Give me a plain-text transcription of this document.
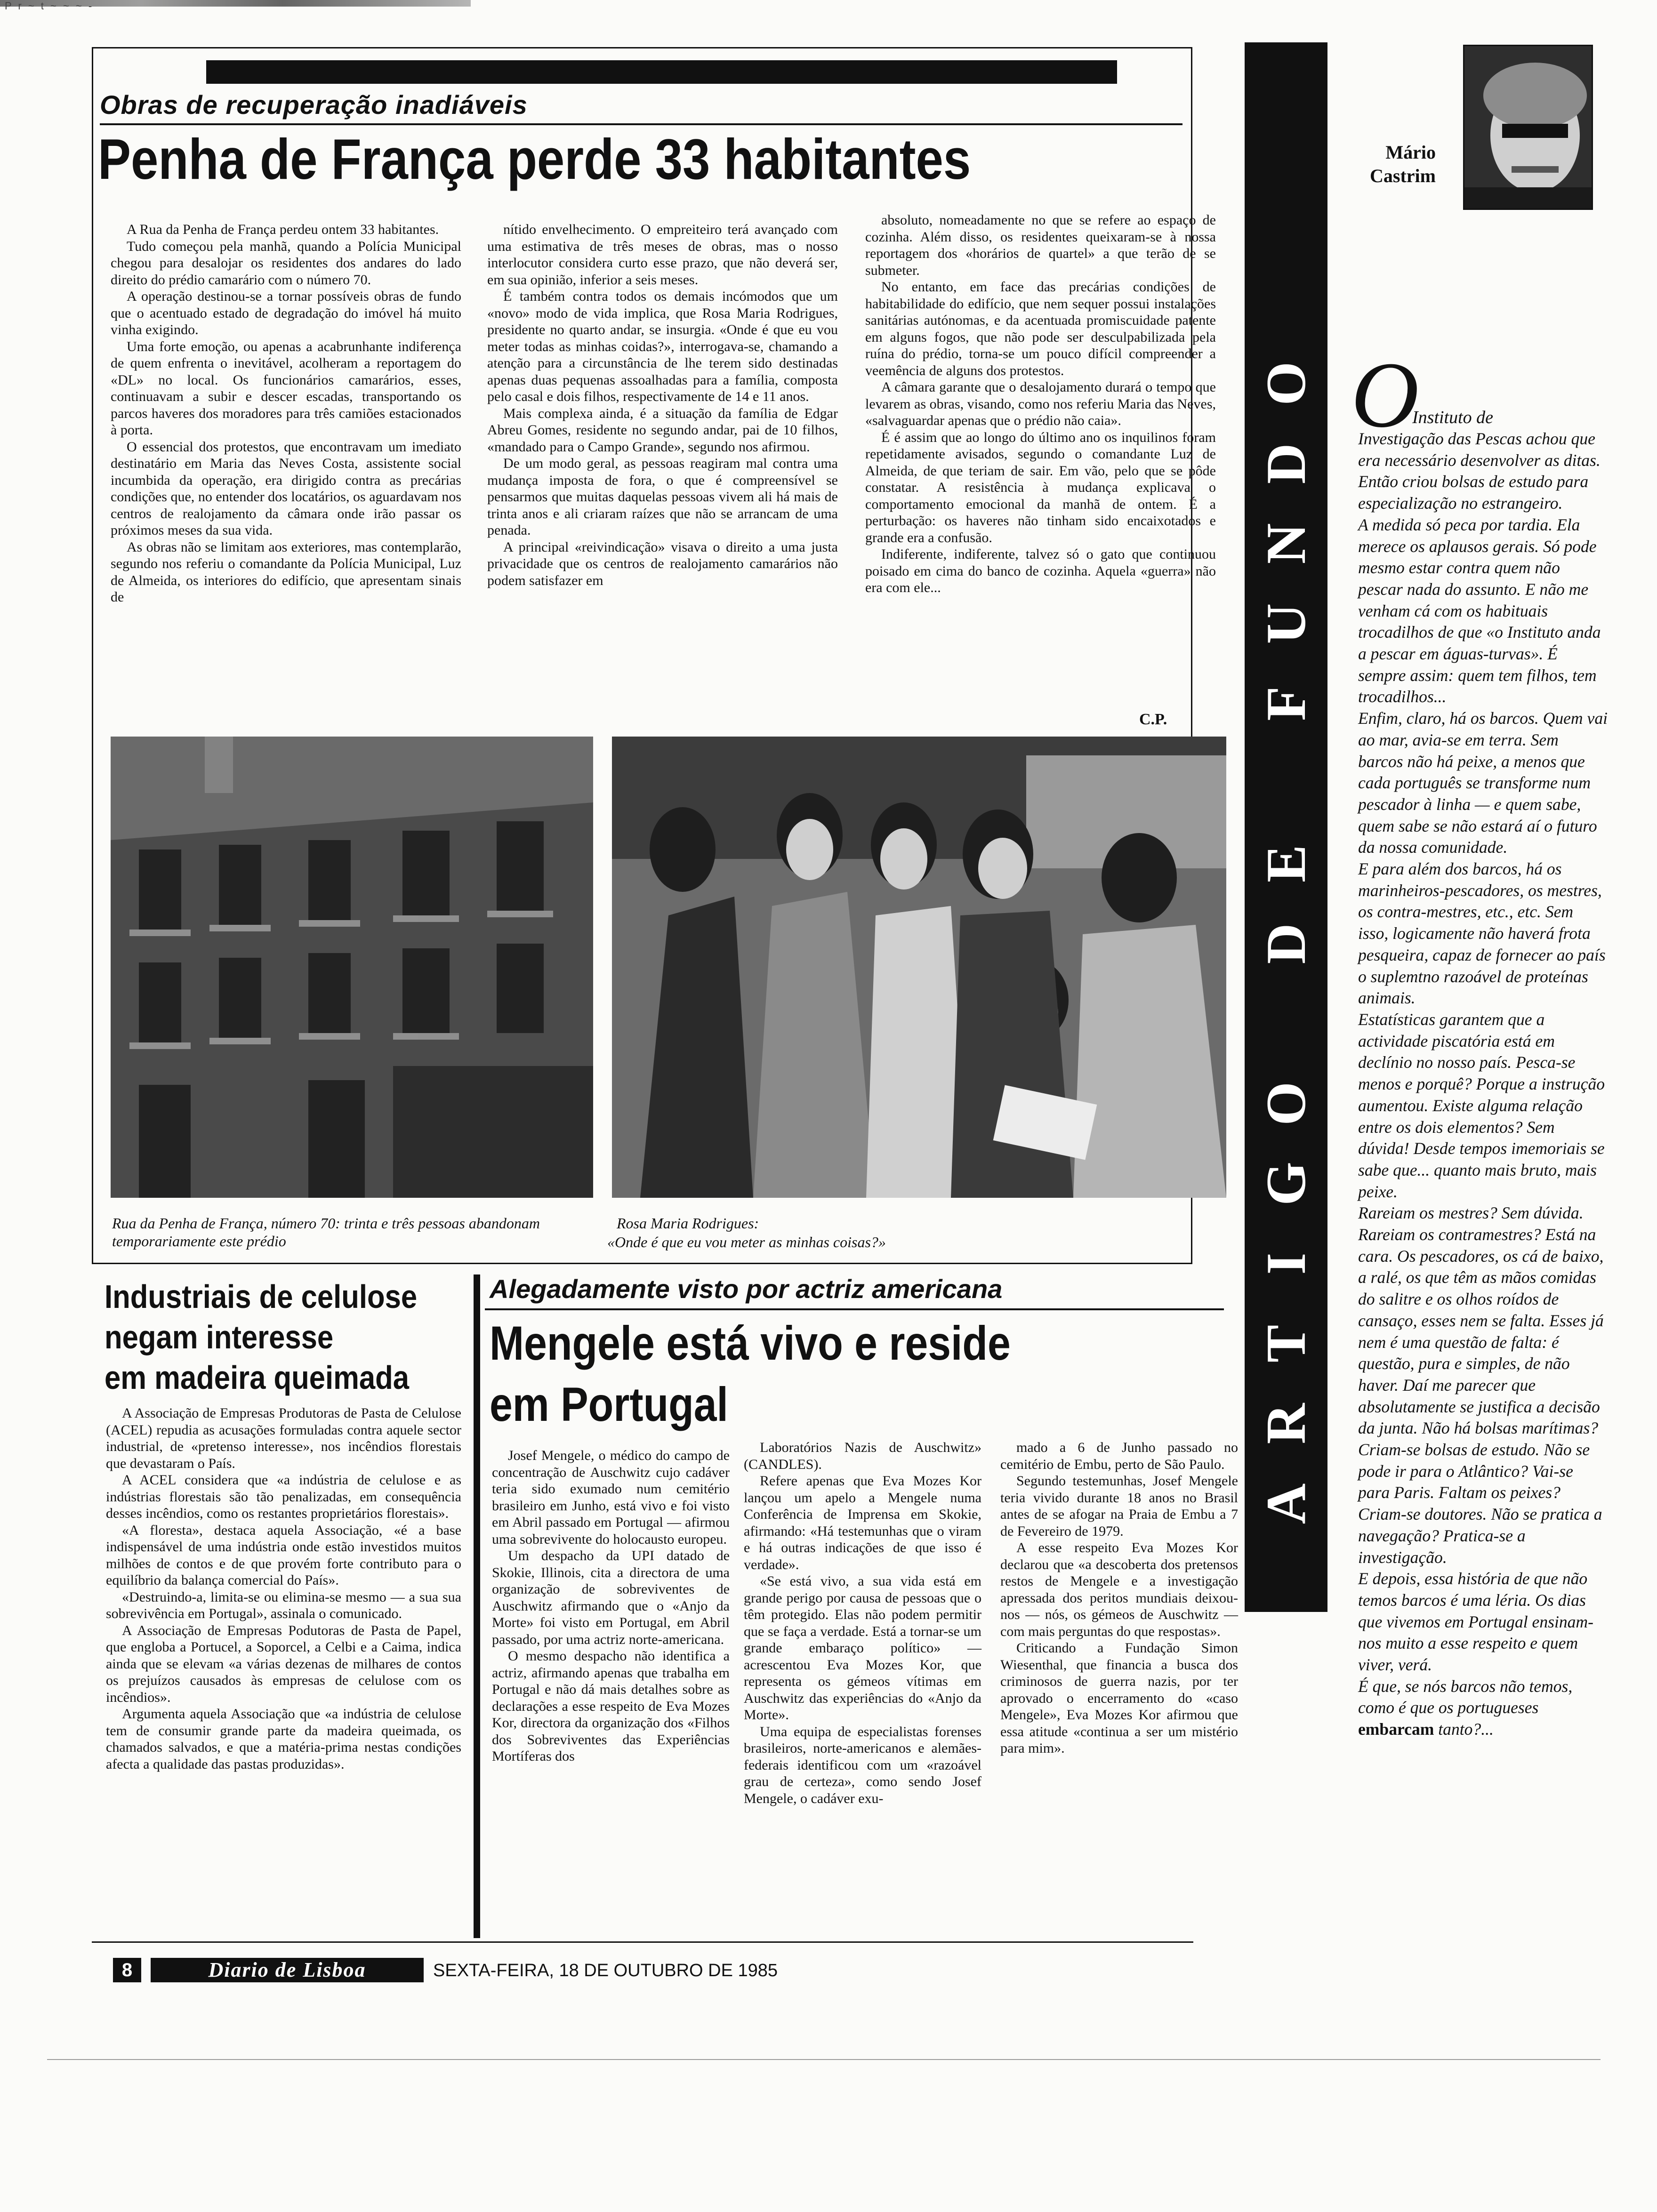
P r ~ t ~ ~ ~ -
Obras de recuperação inadiáveis
Penha de França perde 33 habitantes

A Rua da Penha de França perdeu ontem 33 habitantes.

Tudo começou pela manhã, quando a Polícia Municipal chegou para desalojar os residentes dos andares do lado direito do prédio camarário com o número 70.

A operação destinou-se a tornar possíveis obras de fundo que o acentuado estado de degradação do imóvel há muito vinha exigindo.

Uma forte emoção, ou apenas a acabrunhante indiferença de quem enfrenta o inevitável, acolheram a reportagem do «DL» no local. Os funcionários camarários, esses, continuavam a subir e descer escadas, transportando os parcos haveres dos moradores para três camiões estacionados à porta.

O essencial dos protestos, que encontravam um imediato destinatário em Maria das Neves Costa, assistente social incumbida da operação, era dirigido contra as precárias condições que, no entender dos locatários, os aguardavam nos centros de realojamento da câmara onde irão passar os próximos meses da sua vida.

As obras não se limitam aos exteriores, mas contemplarão, segundo nos referiu o comandante da Polícia Municipal, Luz de Almeida, os interiores do edifício, que apresentam sinais de

nítido envelhecimento. O empreiteiro terá avançado com uma estimativa de três meses de obras, mas o nosso interlocutor considera curto esse prazo, que não deverá ser, em sua opinião, inferior a seis meses.

É também contra todos os demais incómodos que um «novo» modo de vida implica, que Rosa Maria Rodrigues, presidente no quarto andar, se insurgia. «Onde é que eu vou meter todas as minhas coidas?», interrogava-se, chamando a atenção para a circunstância de lhe terem sido destinadas apenas duas pequenas assoalhadas para a família, composta pelo casal e dois filhos, respectivamente de 14 e 11 anos.

Mais complexa ainda, é a situação da família de Edgar Abreu Gomes, residente no segundo andar, pai de 10 filhos, «mandado para o Campo Grande», segundo nos afirmou.

De um modo geral, as pessoas reagiram mal contra uma mudança imposta de fora, o que é compreensível se pensarmos que muitas daquelas pessoas vivem ali há mais de trinta anos e ali criaram raízes que não se arrancam de uma penada.

A principal «reivindicação» visava o direito a uma justa privacidade que os centros de realojamento camarários não podem satisfazer em

absoluto, nomeadamente no que se refere ao espaço de cozinha. Além disso, os residentes queixaram-se à nossa reportagem dos «horários de quartel» a que terão de se submeter.

No entanto, em face das precárias condições de habitabilidade do edifício, que nem sequer possui instalações sanitárias autónomas, e da acentuada promiscuidade patente em alguns fogos, que não pode ser desculpabilizada pela ruína do prédio, torna-se um pouco difícil compreender a veemência de alguns dos protestos.

A câmara garante que o desalojamento durará o tempo que levarem as obras, visando, como nos referiu Maria das Neves, «salvaguardar apenas que o prédio não caia».

É é assim que ao longo do último ano os inquilinos foram repetidamente avisados, segundo o comandante Luz de Almeida, de que teriam de sair. Em vão, pelo que se pôde constatar. A resistência à mudança explicava o comportamento emocional da manhã de ontem. É a perturbação: os haveres não tinham sido encaixotados e grande era a confusão.

Indiferente, indiferente, talvez só o gato que continuou poisado em cima do banco de cozinha. Aquela «guerra» não era com ele...

C.P.
Rua da Penha de França, número 70: trinta e três pessoas abandonam temporariamente este prédio
Rosa Maria Rodrigues:
«Onde é que eu vou meter as minhas coisas?»
Industriais de celulose
negam interesse
em madeira queimada

A Associação de Empresas Produtoras de Pasta de Celulose (ACEL) repudia as acusações formuladas contra aquele sector industrial, de «pretenso interesse», nos incêndios florestais que devastaram o País.

A ACEL considera que «a indústria de celulose e as indústrias florestais são tão penalizadas, em consequência desses incêndios, como os restantes proprietários florestais».

«A floresta», destaca aquela Associação, «é a base indispensável de uma indústria onde estão investidos muitos milhões de contos e de que provém forte contributo para o equilíbrio da balança comercial do País».

«Destruindo-a, limita-se ou elimina-se mesmo — a sua sua sobrevivência em Portugal», assinala o comunicado.

A Associação de Empresas Podutoras de Pasta de Papel, que engloba a Portucel, a Soporcel, a Celbi e a Caima, indica ainda que se elevam «a várias dezenas de milhares de contos os prejuízos causados às empresas de celulose com os incêndios».

Argumenta aquela Associação que «a indústria de celulose tem de consumir grande parte da madeira queimada, os chamados salvados, e que a matéria-prima nestas condições afecta a qualidade das pastas produzidas».

Alegadamente visto por actriz americana
Mengele está vivo e reside
em Portugal

Josef Mengele, o médico do campo de concentração de Auschwitz cujo cadáver teria sido exumado num cemitério brasileiro em Junho, está vivo e foi visto em Abril passado em Portugal — afirmou uma sobrevivente do holocausto europeu.

Um despacho da UPI datado de Skokie, Illinois, cita a directora de uma organização de sobreviventes de Auschwitz afirmando que o «Anjo da Morte» foi visto em Portugal, em Abril passado, por uma actriz norte-americana.

O mesmo despacho não identifica a actriz, afirmando apenas que trabalha em Portugal e não dá mais detalhes sobre as declarações a esse respeito de Eva Mozes Kor, directora da organização dos «Filhos dos Sobreviventes das Experiências Mortíferas dos

Laboratórios Nazis de Auschwitz» (CANDLES).

Refere apenas que Eva Mozes Kor lançou um apelo a Mengele numa Conferência de Imprensa em Skokie, afirmando: «Há testemunhas que o viram e há outras indicações de que isso é verdade».

«Se está vivo, a sua vida está em grande perigo por causa de pessoas que o têm protegido. Elas não podem permitir que se faça a verdade. Está a tornar-se um grande embaraço político» — acrescentou Eva Mozes Kor, que representa os gémeos vítimas em Auschwitz das experiências do «Anjo da Morte».

Uma equipa de especialistas forenses brasileiros, norte-americanos e alemães-federais identificou com um «razoável grau de certeza», como sendo Josef Mengele, o cadáver exu-

mado a 6 de Junho passado no cemitério de Embu, perto de São Paulo.

Segundo testemunhas, Josef Mengele teria vivido durante 18 anos no Brasil antes de se afogar na Praia de Embu a 7 de Fevereiro de 1979.

A esse respeito Eva Mozes Kor declarou que «a descoberta dos pretensos restos de Mengele e a investigação apressada dos peritos mundiais deixou-nos — nós, os gémeos de Auschwitz — com mais perguntas do que respostas».

Criticando a Fundação Simon Wiesenthal, que financia a busca dos criminosos de guerra nazis, por ter aprovado o encerramento do «caso Mengele», Eva Mozes Kor afirmou que essa atitude «continua a ser um mistério para mim».

O
D
N
U
F
E
D
O
G
I
T
R
A
Mário
Castrim
O
Instituto de

Investigação das Pescas achou que era necessário desenvolver as ditas. Então criou bolsas de estudo para especialização no estrangeiro.

A medida só peca por tardia. Ela merece os aplausos gerais. Só pode mesmo estar contra quem não pescar nada do assunto. E não me venham cá com os habituais trocadilhos de que «o Instituto anda a pescar em águas-turvas». É sempre assim: quem tem filhos, tem trocadilhos...

Enfim, claro, há os barcos. Quem vai ao mar, avia-se em terra. Sem barcos não há peixe, a menos que cada português se transforme num pescador à linha — e quem sabe, quem sabe se não estará aí o futuro da nossa comunidade.

E para além dos barcos, há os marinheiros-pescadores, os mestres, os contra-mestres, etc., etc. Sem isso, logicamente não haverá frota pesqueira, capaz de fornecer ao país o suplemtno razoável de proteínas animais.

Estatísticas garantem que a actividade piscatória está em declínio no nosso país. Pesca-se menos e porquê? Porque a instrução aumentou. Existe alguma relação entre os dois elementos? Sem dúvida! Desde tempos imemoriais se sabe que... quanto mais bruto, mais peixe.

Rareiam os mestres? Sem dúvida. Rareiam os contramestres? Está na cara. Os pescadores, os cá de baixo, a ralé, os que têm as mãos comidas do salitre e os olhos roídos de cansaço, esses nem se falta. Esses já nem é uma questão de falta: é questão, pura e simples, de não haver. Daí me parecer que absolutamente se justifica a decisão da junta. Não há bolsas marítimas? Criam-se bolsas de estudo. Não se pode ir para o Atlântico? Vai-se para Paris. Faltam os peixes? Criam-se doutores. Não se pratica a navegação? Pratica-se a investigação.

E depois, essa história de que não temos barcos é uma léria. Os dias que vivemos em Portugal ensinam-nos muito a esse respeito e quem viver, verá.

É que, se nós barcos não temos, como é que os portugueses embarcam tanto?...

8	Diario de Lisboa	SEXTA-FEIRA, 18 DE OUTUBRO DE 1985
